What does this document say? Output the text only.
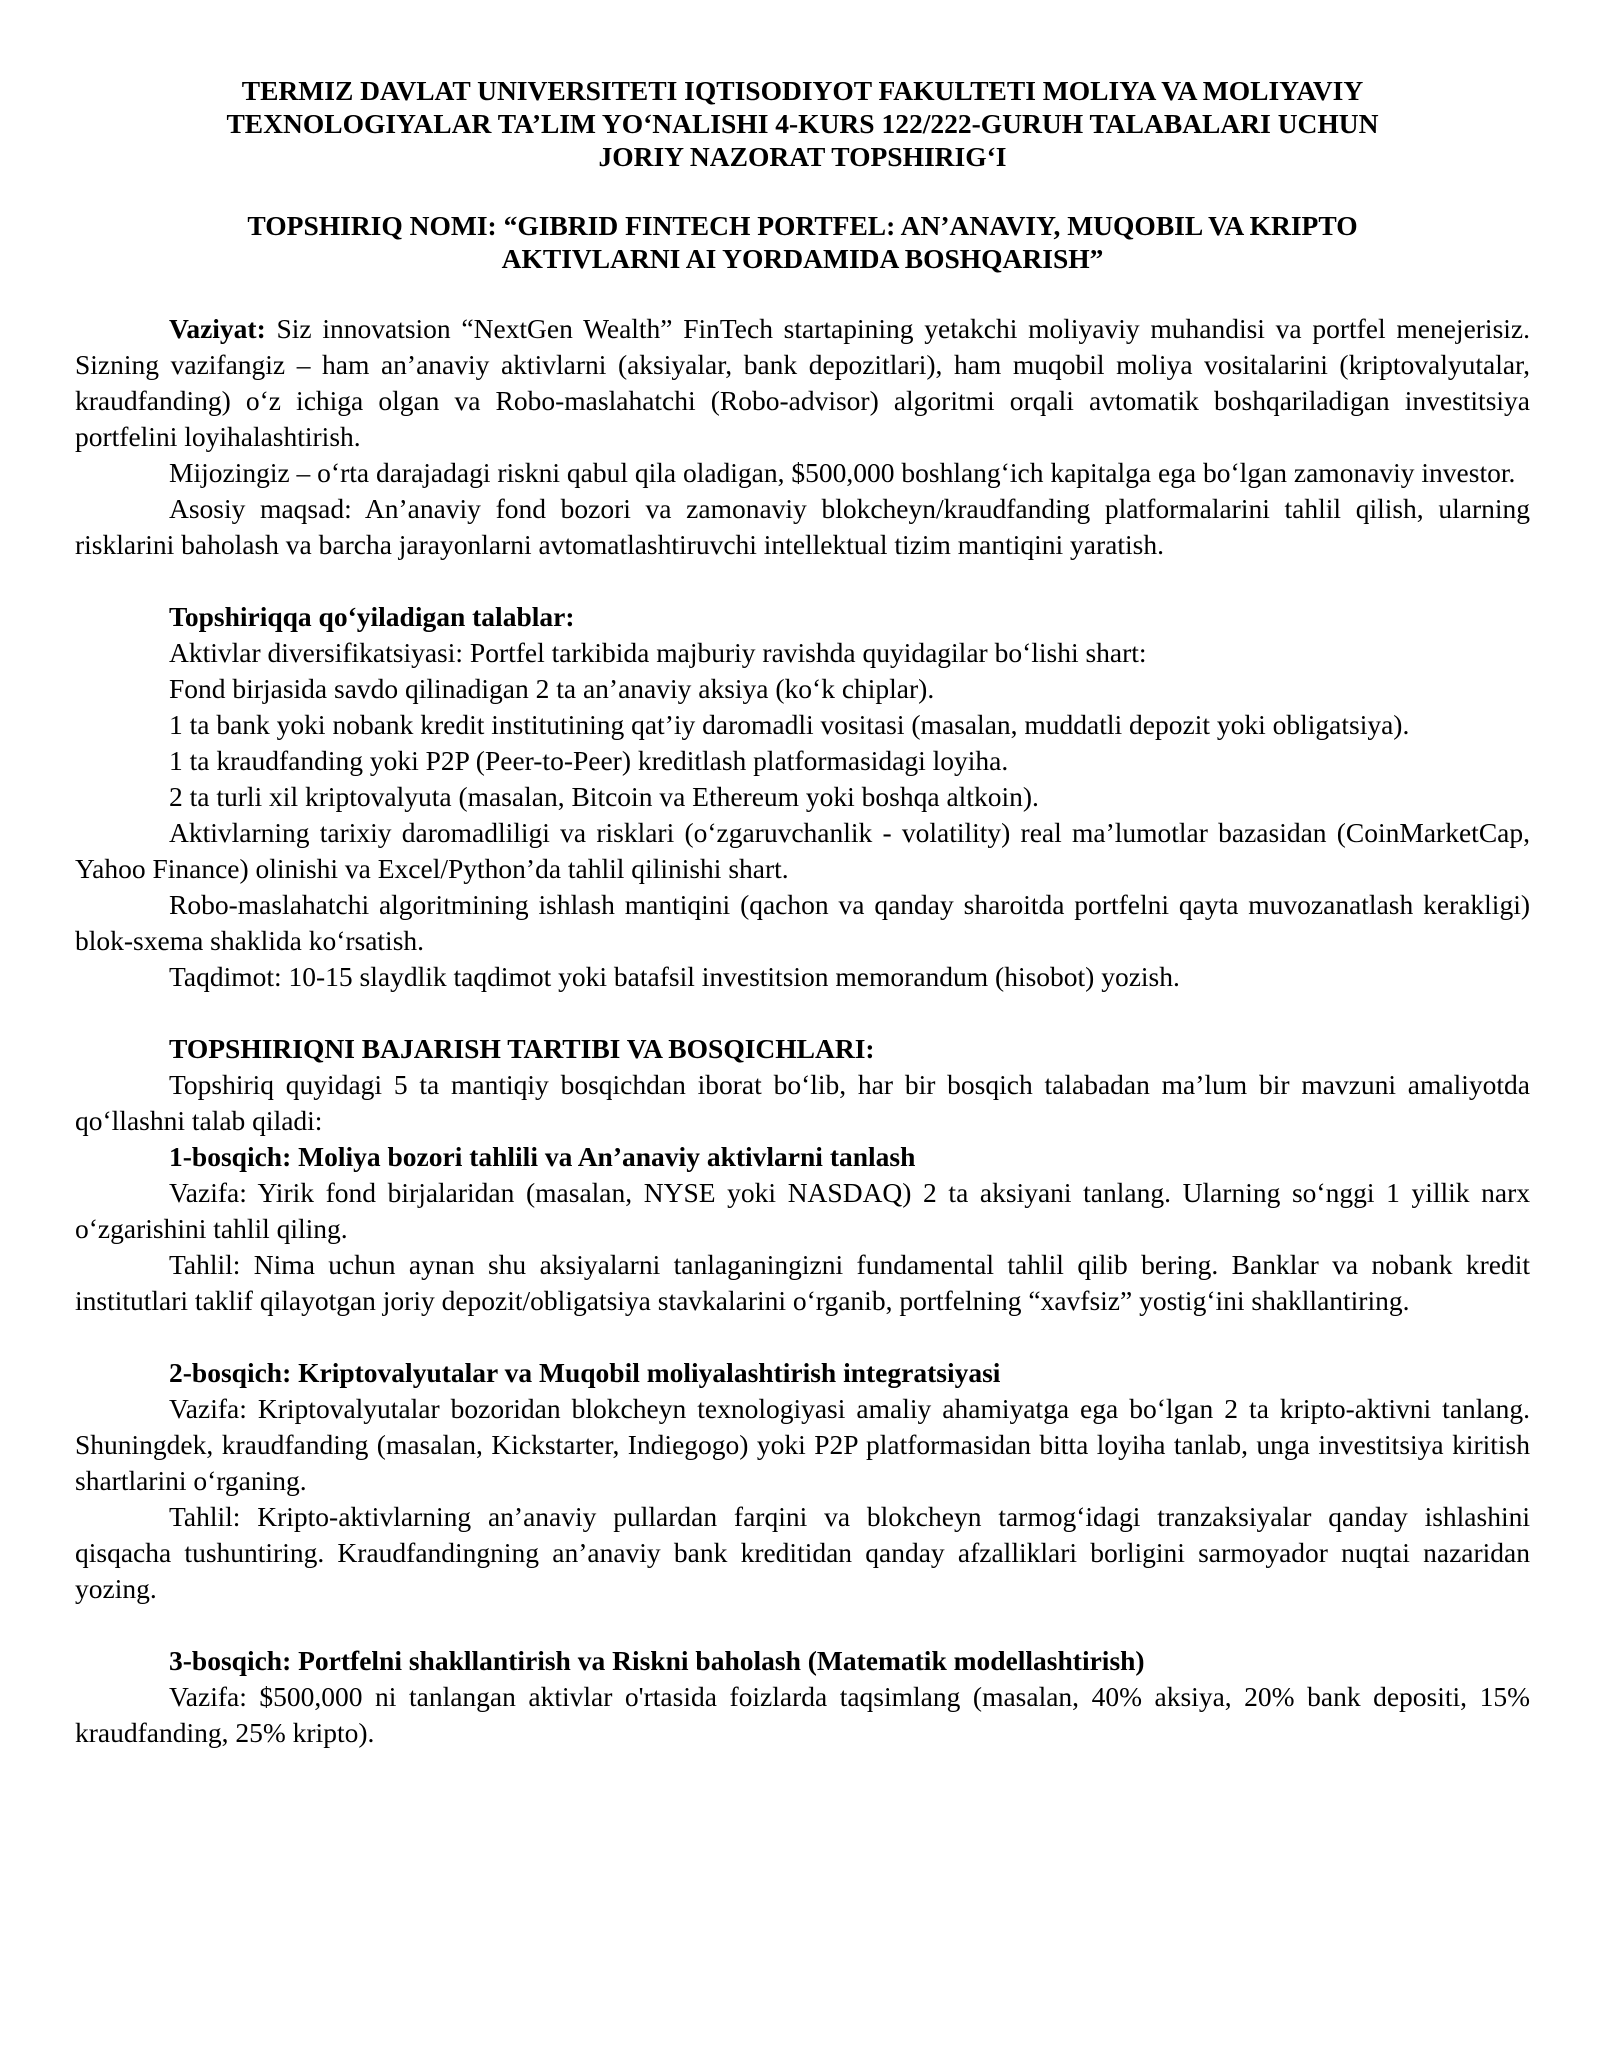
TERMIZ DAVLAT UNIVERSITETI IQTISODIYOT FAKULTETI MOLIYA VA MOLIYAVIY
TEXNOLOGIYALAR TA’LIM YO‘NALISHI 4-KURS 122/222-GURUH TALABALARI UCHUN
JORIY NAZORAT TOPSHIRIG‘I
TOPSHIRIQ NOMI: “GIBRID FINTECH PORTFEL: AN’ANAVIY, MUQOBIL VA KRIPTO
AKTIVLARNI AI YORDAMIDA BOSHQARISH”

Vaziyat: Siz innovatsion “NextGen Wealth” FinTech startapining yetakchi moliyaviy muhandisi va portfel menejerisiz. Sizning vazifangiz – ham an’anaviy aktivlarni (aksiyalar, bank depozitlari), ham muqobil moliya vositalarini (kriptovalyutalar, kraudfanding) o‘z ichiga olgan va Robo-maslahatchi (Robo-advisor) algoritmi orqali avtomatik boshqariladigan investitsiya portfelini loyihalashtirish.

Mijozingiz – o‘rta darajadagi riskni qabul qila oladigan, $500,000 boshlang‘ich kapitalga ega bo‘lgan zamonaviy investor.

Asosiy maqsad: An’anaviy fond bozori va zamonaviy blokcheyn/kraudfanding platformalarini tahlil qilish, ularning risklarini baholash va barcha jarayonlarni avtomatlashtiruvchi intellektual tizim mantiqini yaratish.

Topshiriqqa qo‘yiladigan talablar:

Aktivlar diversifikatsiyasi: Portfel tarkibida majburiy ravishda quyidagilar bo‘lishi shart:

Fond birjasida savdo qilinadigan 2 ta an’anaviy aksiya (ko‘k chiplar).

1 ta bank yoki nobank kredit institutining qat’iy daromadli vositasi (masalan, muddatli depozit yoki obligatsiya).

1 ta kraudfanding yoki P2P (Peer-to-Peer) kreditlash platformasidagi loyiha.

2 ta turli xil kriptovalyuta (masalan, Bitcoin va Ethereum yoki boshqa altkoin).

Aktivlarning tarixiy daromadliligi va risklari (o‘zgaruvchanlik - volatility) real ma’lumotlar bazasidan (CoinMarketCap, Yahoo Finance) olinishi va Excel/Python’da tahlil qilinishi shart.

Robo-maslahatchi algoritmining ishlash mantiqini (qachon va qanday sharoitda portfelni qayta muvozanatlash kerakligi) blok-sxema shaklida ko‘rsatish.

Taqdimot: 10-15 slaydlik taqdimot yoki batafsil investitsion memorandum (hisobot) yozish.

TOPSHIRIQNI BAJARISH TARTIBI VA BOSQICHLARI:

Topshiriq quyidagi 5 ta mantiqiy bosqichdan iborat bo‘lib, har bir bosqich talabadan ma’lum bir mavzuni amaliyotda qo‘llashni talab qiladi:

1-bosqich: Moliya bozori tahlili va An’anaviy aktivlarni tanlash

Vazifa: Yirik fond birjalaridan (masalan, NYSE yoki NASDAQ) 2 ta aksiyani tanlang. Ularning so‘nggi 1 yillik narx o‘zgarishini tahlil qiling.

Tahlil: Nima uchun aynan shu aksiyalarni tanlaganingizni fundamental tahlil qilib bering. Banklar va nobank kredit institutlari taklif qilayotgan joriy depozit/obligatsiya stavkalarini o‘rganib, portfelning “xavfsiz” yostig‘ini shakllantiring.

2-bosqich: Kriptovalyutalar va Muqobil moliyalashtirish integratsiyasi

Vazifa: Kriptovalyutalar bozoridan blokcheyn texnologiyasi amaliy ahamiyatga ega bo‘lgan 2 ta kripto-aktivni tanlang. Shuningdek, kraudfanding (masalan, Kickstarter, Indiegogo) yoki P2P platformasidan bitta loyiha tanlab, unga investitsiya kiritish shartlarini o‘rganing.

Tahlil: Kripto-aktivlarning an’anaviy pullardan farqini va blokcheyn tarmog‘idagi tranzaksiyalar qanday ishlashini qisqacha tushuntiring. Kraudfandingning an’anaviy bank kreditidan qanday afzalliklari borligini sarmoyador nuqtai nazaridan yozing.

3-bosqich: Portfelni shakllantirish va Riskni baholash (Matematik modellashtirish)

Vazifa: $500,000 ni tanlangan aktivlar o'rtasida foizlarda taqsimlang (masalan, 40% aksiya, 20% bank depositi, 15% kraudfanding, 25% kripto).
